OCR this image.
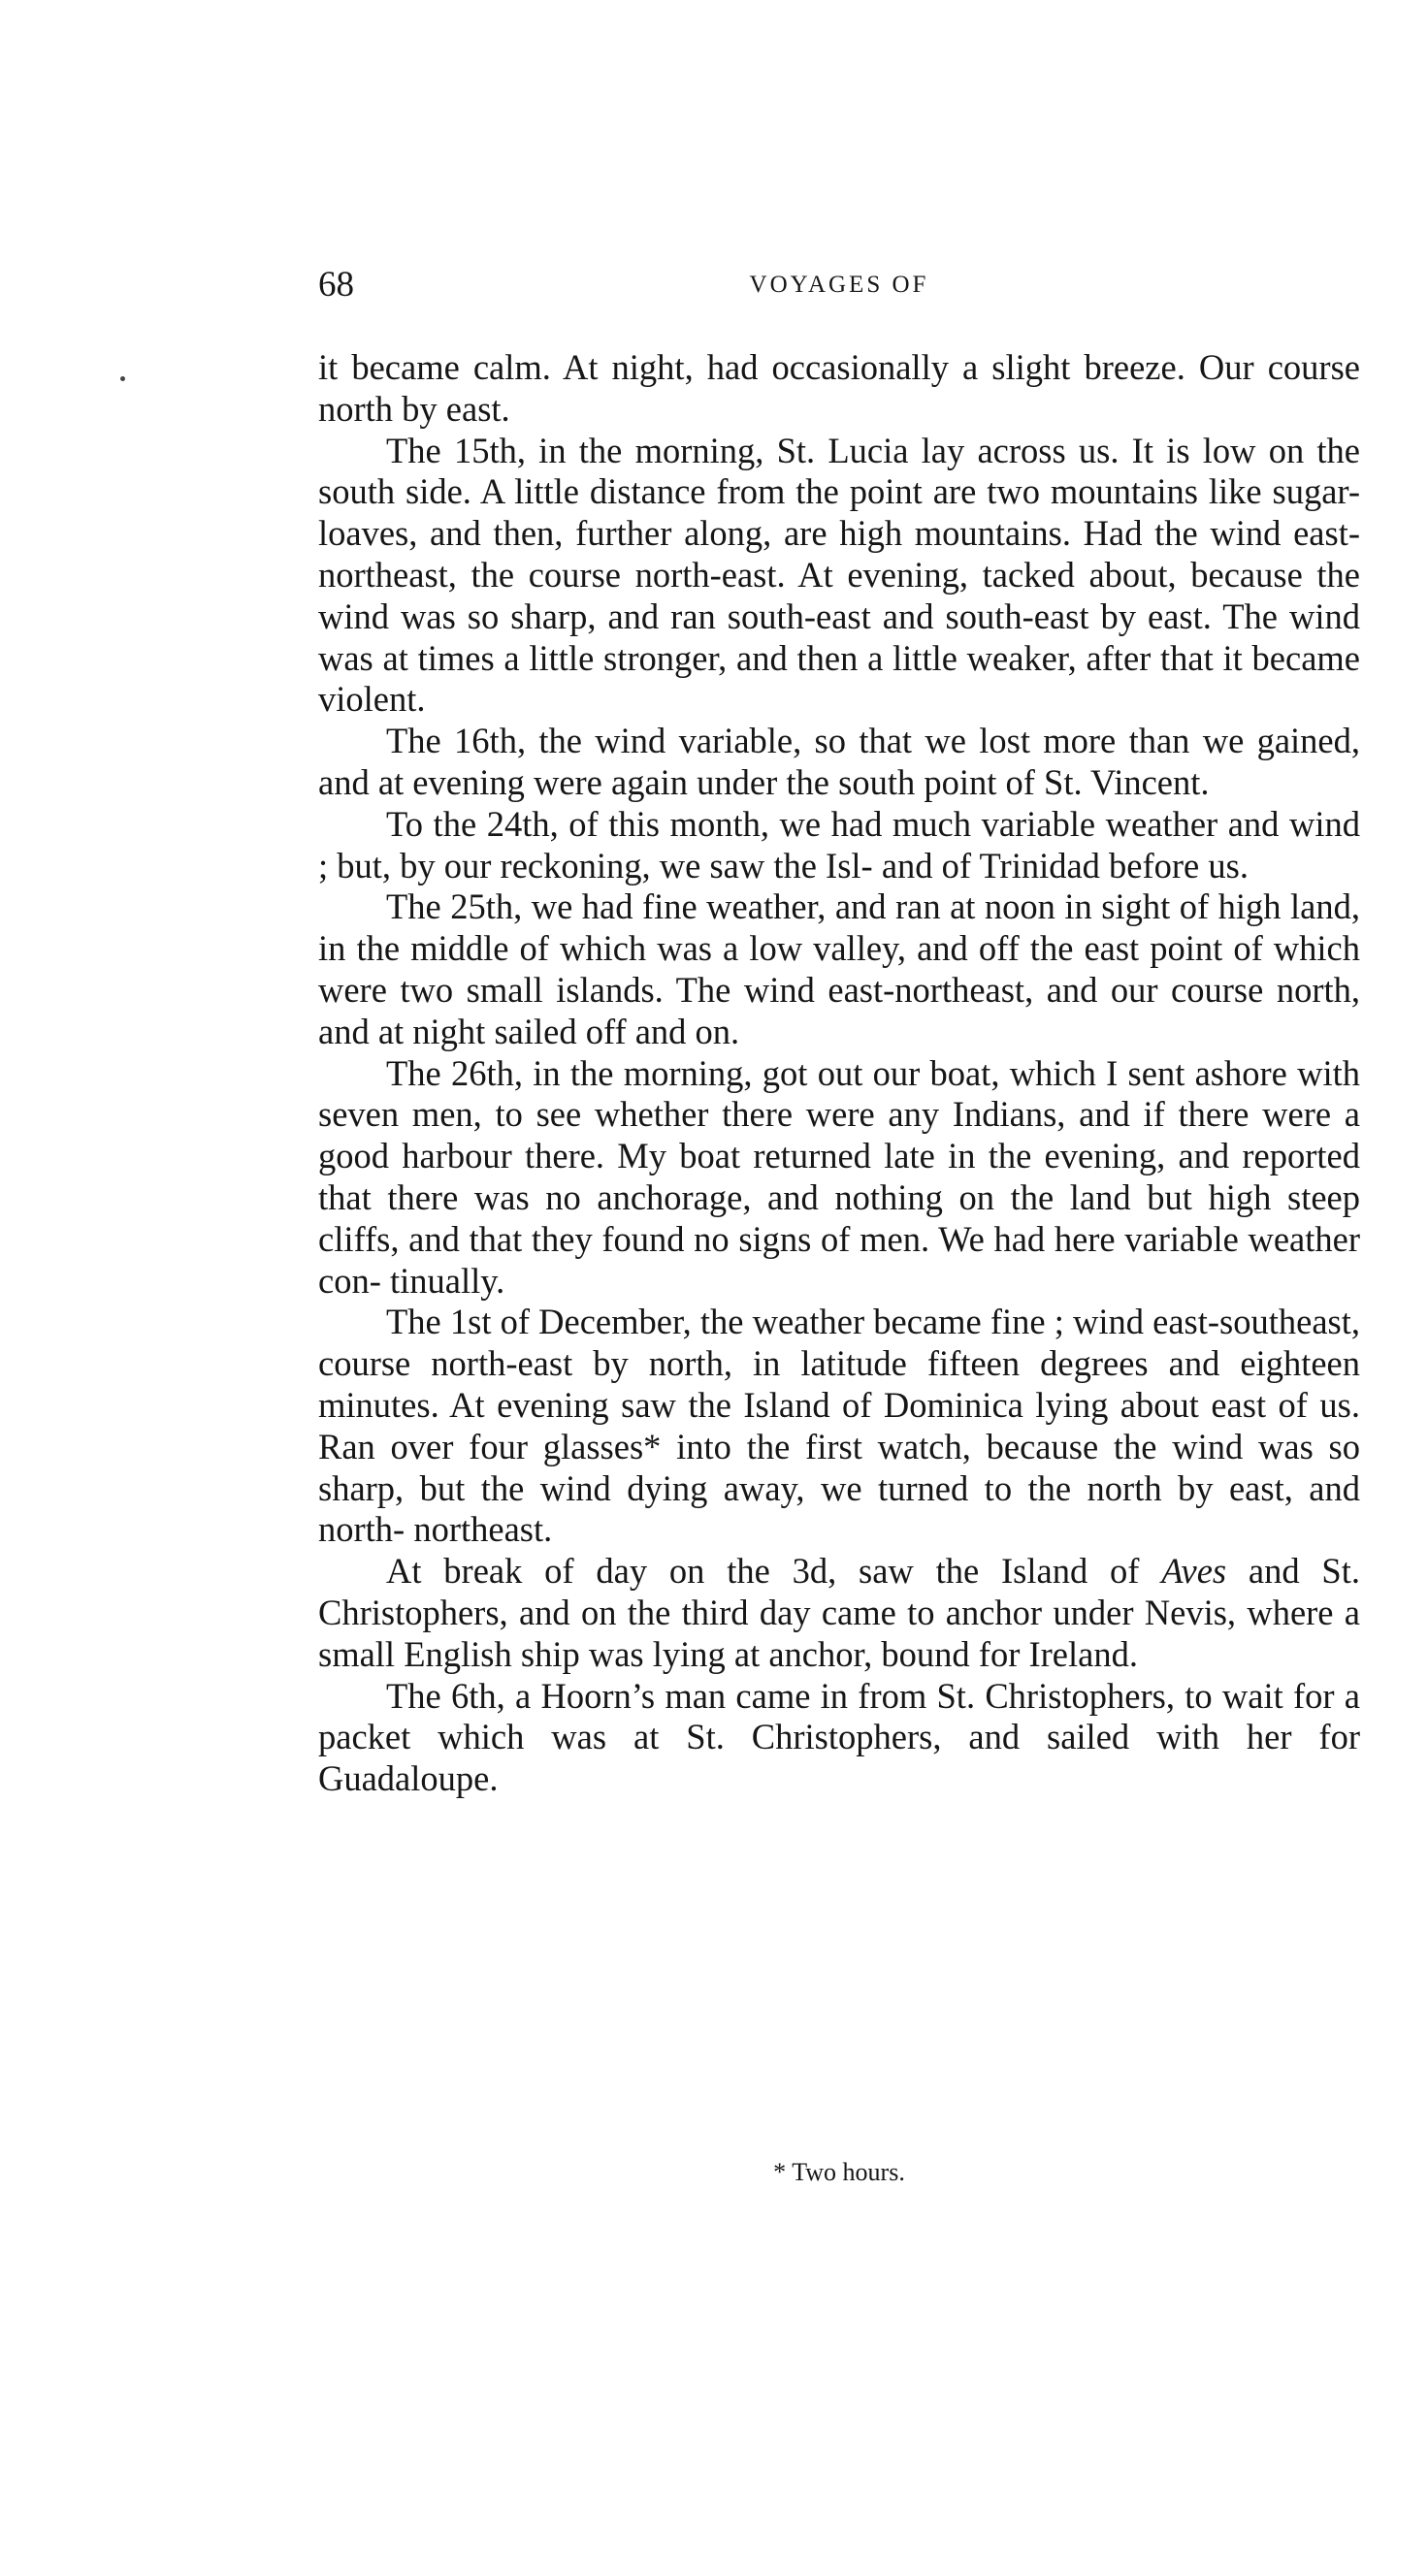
68	VOYAGES OF

it became calm. At night, had occasionally a slight breeze. Our course north by east.

The 15th, in the morning, St. Lucia lay across us. It is low on the south side. A little distance from the point are two mountains like sugar-loaves, and then, further along, are high mountains. Had the wind east-northeast, the course north-east. At evening, tacked about, because the wind was so sharp, and ran south-east and south-east by east. The wind was at times a little stronger, and then a little weaker, after that it became violent.

The 16th, the wind variable, so that we lost more than we gained, and at evening were again under the south point of St. Vincent.

To the 24th, of this month, we had much variable weather and wind ; but, by our reckoning, we saw the Isl- and of Trinidad before us.

The 25th, we had fine weather, and ran at noon in sight of high land, in the middle of which was a low valley, and off the east point of which were two small islands. The wind east-northeast, and our course north, and at night sailed off and on.

The 26th, in the morning, got out our boat, which I sent ashore with seven men, to see whether there were any Indians, and if there were a good harbour there. My boat returned late in the evening, and reported that there was no anchorage, and nothing on the land but high steep cliffs, and that they found no signs of men. We had here variable weather con- tinually.

The 1st of December, the weather became fine ; wind east-southeast, course north-east by north, in latitude fifteen degrees and eighteen minutes. At evening saw the Island of Dominica lying about east of us. Ran over four glasses* into the first watch, because the wind was so sharp, but the wind dying away, we turned to the north by east, and north- northeast.

At break of day on the 3d, saw the Island of Aves and St. Christophers, and on the third day came to anchor under Nevis, where a small English ship was lying at anchor, bound for Ireland.

The 6th, a Hoorn’s man came in from St. Christophers, to wait for a packet which was at St. Christophers, and sailed with her for Guadaloupe.

* Two hours.
